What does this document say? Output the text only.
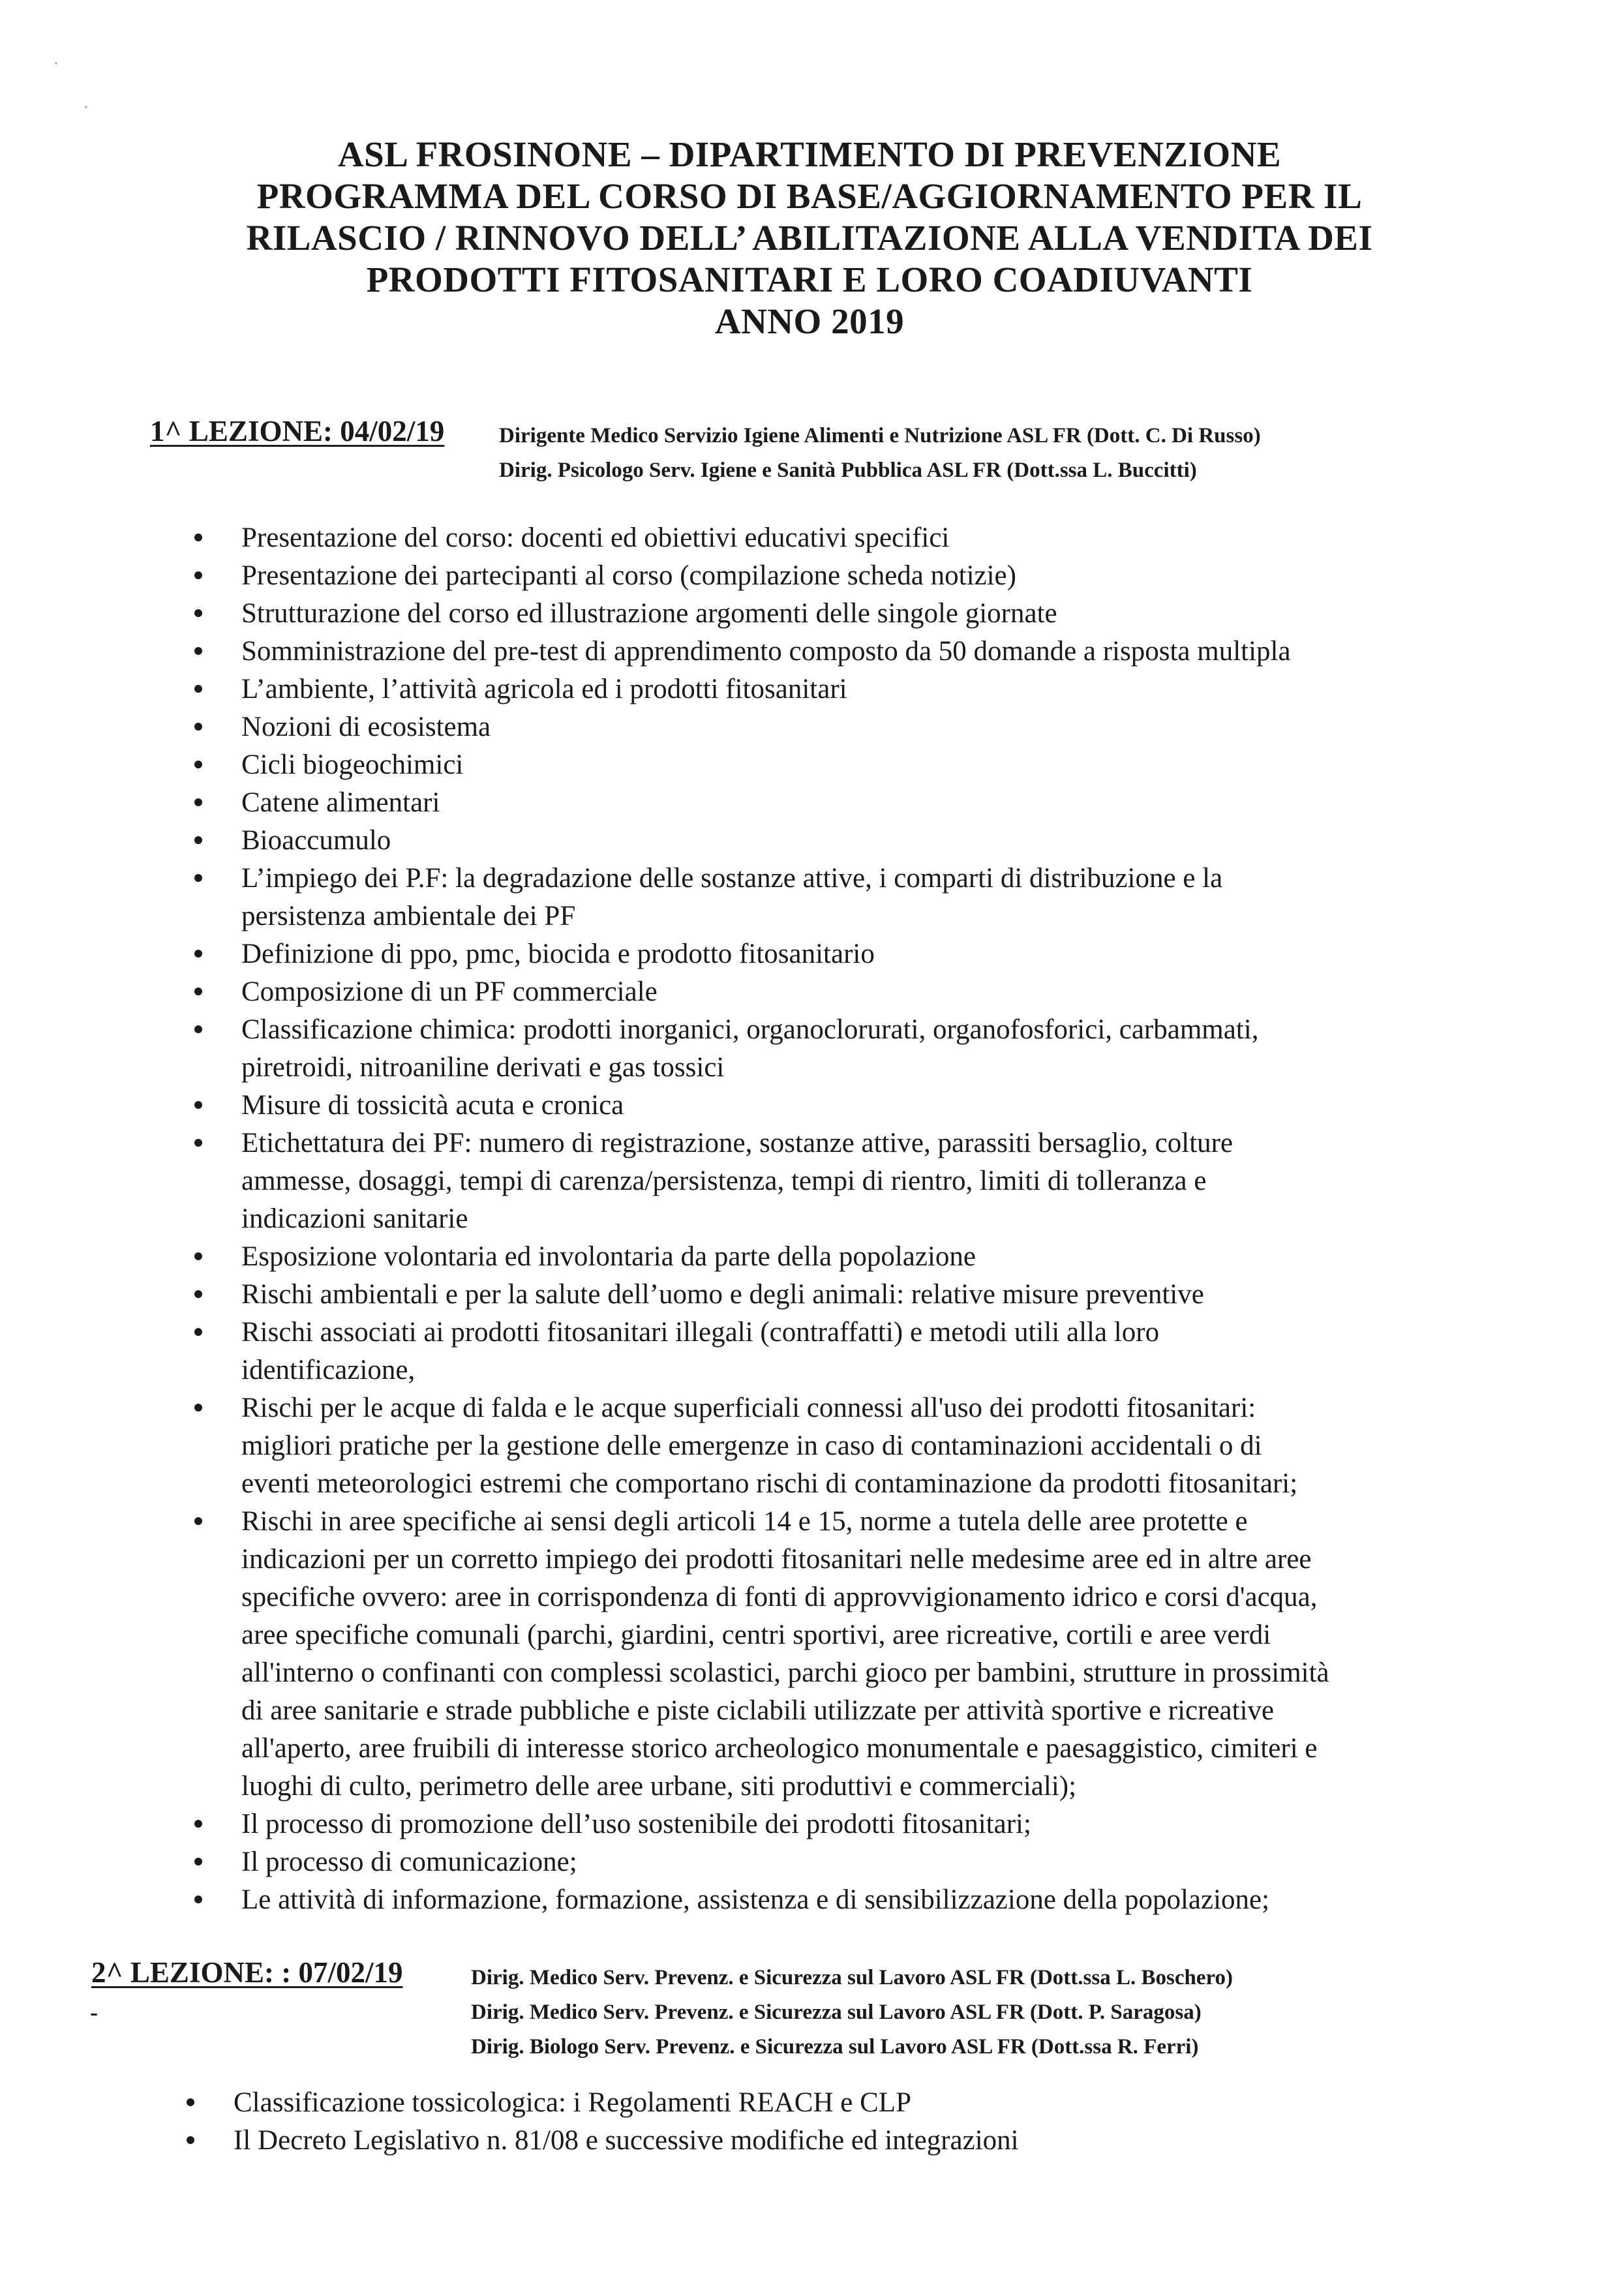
ASL FROSINONE – DIPARTIMENTO DI PREVENZIONE
PROGRAMMA DEL CORSO DI BASE/AGGIORNAMENTO PER IL
RILASCIO / RINNOVO DELL’ ABILITAZIONE ALLA VENDITA DEI
PRODOTTI FITOSANITARI E LORO COADIUVANTI
ANNO 2019
1^ LEZIONE: 04/02/19	Dirigente Medico Servizio Igiene Alimenti e Nutrizione ASL FR (Dott. C. Di Russo)
Dirig. Psicologo Serv. Igiene e Sanità Pubblica ASL FR (Dott.ssa L. Buccitti)
Presentazione del corso: docenti ed obiettivi educativi specifici
Presentazione dei partecipanti al corso (compilazione scheda notizie)
Strutturazione del corso ed illustrazione argomenti delle singole giornate
Somministrazione del pre-test di apprendimento composto da 50 domande a risposta multipla
L’ambiente, l’attività agricola ed i prodotti fitosanitari
Nozioni di ecosistema
Cicli biogeochimici
Catene alimentari
Bioaccumulo
L’impiego dei P.F: la degradazione delle sostanze attive, i comparti di distribuzione e la
persistenza ambientale dei PF
Definizione di ppo, pmc, biocida e prodotto fitosanitario
Composizione di un PF commerciale
Classificazione chimica: prodotti inorganici, organoclorurati, organofosforici, carbammati,
piretroidi, nitroaniline derivati e gas tossici
Misure di tossicità acuta e cronica
Etichettatura dei PF: numero di registrazione, sostanze attive, parassiti bersaglio, colture
ammesse, dosaggi, tempi di carenza/persistenza, tempi di rientro, limiti di tolleranza e
indicazioni sanitarie
Esposizione volontaria ed involontaria da parte della popolazione
Rischi ambientali e per la salute dell’uomo e degli animali: relative misure preventive
Rischi associati ai prodotti fitosanitari illegali (contraffatti) e metodi utili alla loro
identificazione,
Rischi per le acque di falda e le acque superficiali connessi all'uso dei prodotti fitosanitari:
migliori pratiche per la gestione delle emergenze in caso di contaminazioni accidentali o di
eventi meteorologici estremi che comportano rischi di contaminazione da prodotti fitosanitari;
Rischi in aree specifiche ai sensi degli articoli 14 e 15, norme a tutela delle aree protette e
indicazioni per un corretto impiego dei prodotti fitosanitari nelle medesime aree ed in altre aree
specifiche ovvero: aree in corrispondenza di fonti di approvvigionamento idrico e corsi d'acqua,
aree specifiche comunali (parchi, giardini, centri sportivi, aree ricreative, cortili e aree verdi
all'interno o confinanti con complessi scolastici, parchi gioco per bambini, strutture in prossimità
di aree sanitarie e strade pubbliche e piste ciclabili utilizzate per attività sportive e ricreative
all'aperto, aree fruibili di interesse storico archeologico monumentale e paesaggistico, cimiteri e
luoghi di culto, perimetro delle aree urbane, siti produttivi e commerciali);
Il processo di promozione dell’uso sostenibile dei prodotti fitosanitari;
Il processo di comunicazione;
Le attività di informazione, formazione, assistenza e di sensibilizzazione della popolazione;
2^ LEZIONE: : 07/02/19
-
Dirig. Medico Serv. Prevenz. e Sicurezza sul Lavoro ASL FR (Dott.ssa L. Boschero)
Dirig. Medico Serv. Prevenz. e Sicurezza sul Lavoro ASL FR (Dott. P. Saragosa)
Dirig. Biologo Serv. Prevenz. e Sicurezza sul Lavoro ASL FR (Dott.ssa R. Ferri)
Classificazione tossicologica: i Regolamenti REACH e CLP
Il Decreto Legislativo n. 81/08 e successive modifiche ed integrazioni
